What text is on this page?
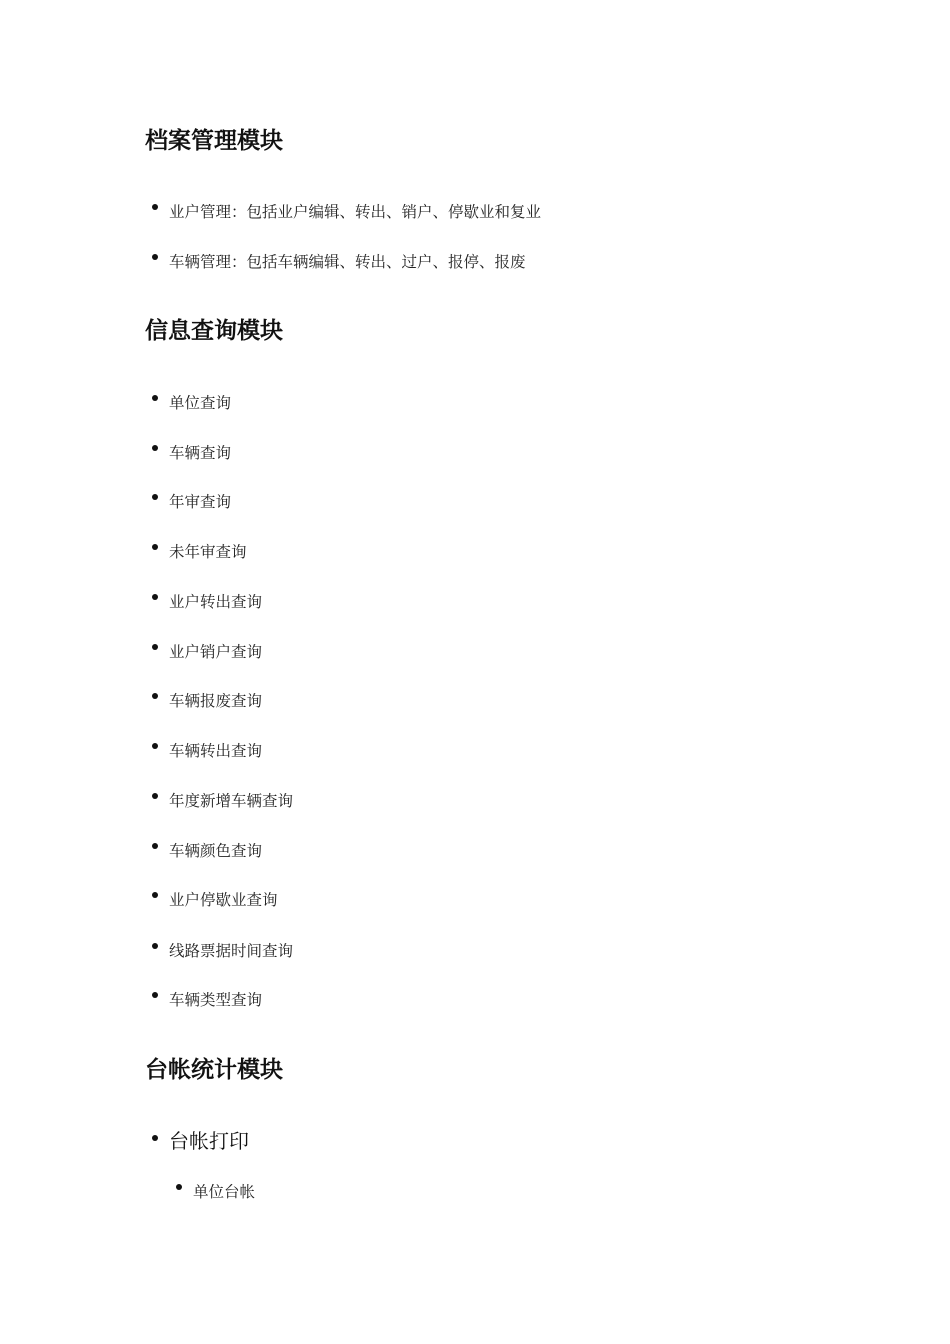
档案管理模块
业户管理：包括业户编辑、转出、销户、停歇业和复业
车辆管理：包括车辆编辑、转出、过户、报停、报废
信息查询模块
单位查询
车辆查询
年审查询
未年审查询
业户转出查询
业户销户查询
车辆报废查询
车辆转出查询
年度新增车辆查询
车辆颜色查询
业户停歇业查询
线路票据时间查询
车辆类型查询
台帐统计模块
台帐打印
单位台帐
